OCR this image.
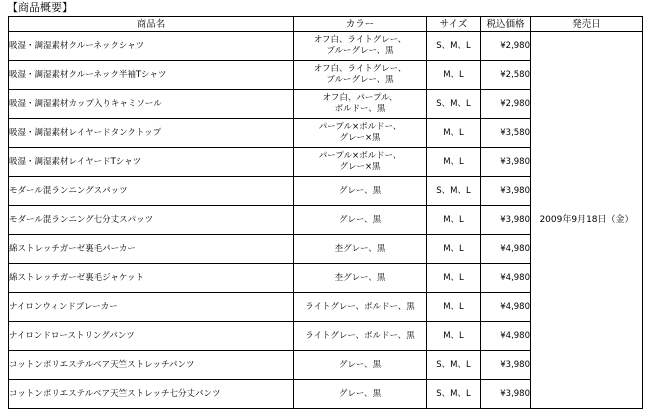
【商品概要】
商品名	カラー	サイズ	税込価格	発売日
吸湿・調湿素材クルーネックシャツ	オフ白、ライトグレー、
ブルーグレー、黒	S、M、L	¥2,980	2009年9月18日（金）
吸湿・調湿素材クルーネック半袖Tシャツ	オフ白、ライトグレー、
ブルーグレー、黒	M、L	¥2,580	
吸湿・調湿素材カップ入りキャミソール	オフ白、パープル、
ボルドー、黒	S、M、L	¥2,980	
吸湿・調湿素材レイヤードタンクトップ	パープル×ボルドー、
グレー×黒	M、L	¥3,580	
吸湿・調湿素材レイヤードTシャツ	パープル×ボルドー、
グレー×黒	M、L	¥3,980	
モダール混ランニングスパッツ	グレー、黒	S、M、L	¥3,980	
モダール混ランニング七分丈スパッツ	グレー、黒	M、L	¥3,980	
綿ストレッチガーゼ裏毛パーカー	杢グレー、黒	M、L	¥4,980	
綿ストレッチガーゼ裏毛ジャケット	杢グレー、黒	M、L	¥4,980	
ナイロンウィンドブレーカー	ライトグレー、ボルドー、黒	M、L	¥4,980	
ナイロンドローストリングパンツ	ライトグレー、ボルドー、黒	M、L	¥4,980	
コットンポリエステルベア天竺ストレッチパンツ	グレー、黒	S、M、L	¥3,980	
コットンポリエステルベア天竺ストレッチ七分丈パンツ	グレー、黒	S、M、L	¥3,980	
